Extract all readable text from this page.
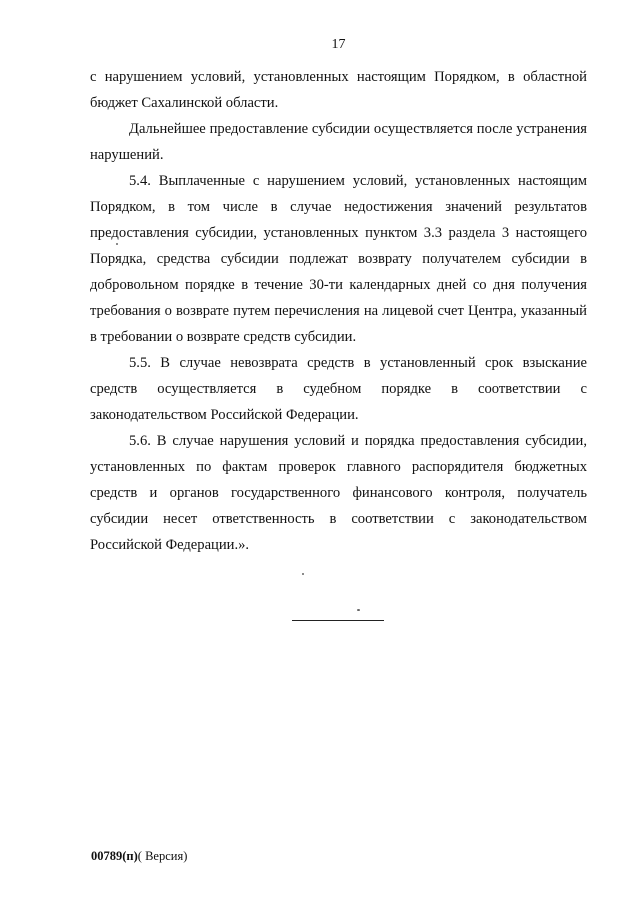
17

с нарушением условий, установленных настоящим Порядком, в областной бюджет Сахалинской области.

Дальнейшее предоставление субсидии осуществляется после устранения нарушений.

5.4. Выплаченные с нарушением условий, установленных настоящим Порядком, в том числе в случае недостижения значений результатов предоставления субсидии, установленных пунктом 3.3 раздела 3 настоящего Порядка, средства субсидии подлежат возврату получателем субсидии в добровольном порядке в течение 30-ти календарных дней со дня получения требования о возврате путем перечисления на лицевой счет Центра, указанный в требовании о возврате средств субсидии.

5.5. В случае невозврата средств в установленный срок взыскание средств осуществляется в судебном порядке в соответствии с законодательством Российской Федерации.

5.6. В случае нарушения условий и порядка предоставления субсидии, установленных по фактам проверок главного распорядителя бюджетных средств и органов государственного финансового контроля, получатель субсидии несет ответственность в соответствии с законодательством Российской Федерации.».

00789(п)( Версия)
